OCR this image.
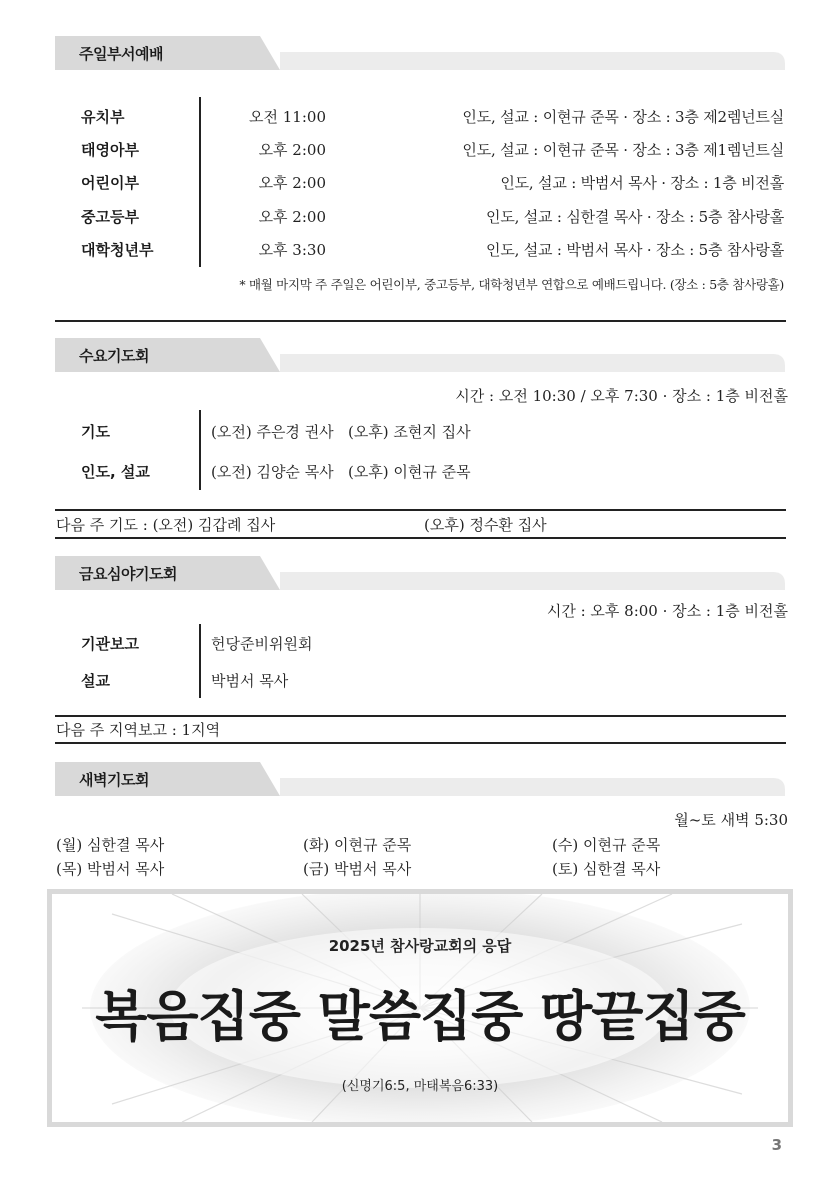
주일부서예배
유치부	오전 11:00	인도, 설교 : 이현규 준목 · 장소 : 3층 제2렘넌트실
태영아부	오후 2:00	인도, 설교 : 이현규 준목 · 장소 : 3층 제1렘넌트실
어린이부	오후 2:00	인도, 설교 : 박범서 목사 · 장소 : 1층 비전홀
중고등부	오후 2:00	인도, 설교 : 심한결 목사 · 장소 : 5층 참사랑홀
대학청년부	오후 3:30	인도, 설교 : 박범서 목사 · 장소 : 5층 참사랑홀
* 매월 마지막 주 주일은 어린이부, 중고등부, 대학청년부 연합으로 예배드립니다. (장소 : 5층 참사랑홀)
수요기도회
시간 : 오전 10:30 / 오후 7:30 · 장소 : 1층 비전홀
기도	(오전) 주은경 권사   (오후) 조현지 집사
인도, 설교	(오전) 김양순 목사   (오후) 이현규 준목
다음 주 기도 : (오전) 김갑례 집사	(오후) 정수환 집사
금요심야기도회
시간 : 오후 8:00 · 장소 : 1층 비전홀
기관보고	헌당준비위원회
설교	박범서 목사
다음 주 지역보고 : 1지역
새벽기도회
월~토 새벽 5:30
(월) 심한결 목사	(화) 이현규 준목	(수) 이현규 준목
(목) 박범서 목사	(금) 박범서 목사	(토) 심한결 목사
2025년 참사랑교회의 응답
복음집중 말씀집중 땅끝집중
(신명기6:5, 마태복음6:33)
3
